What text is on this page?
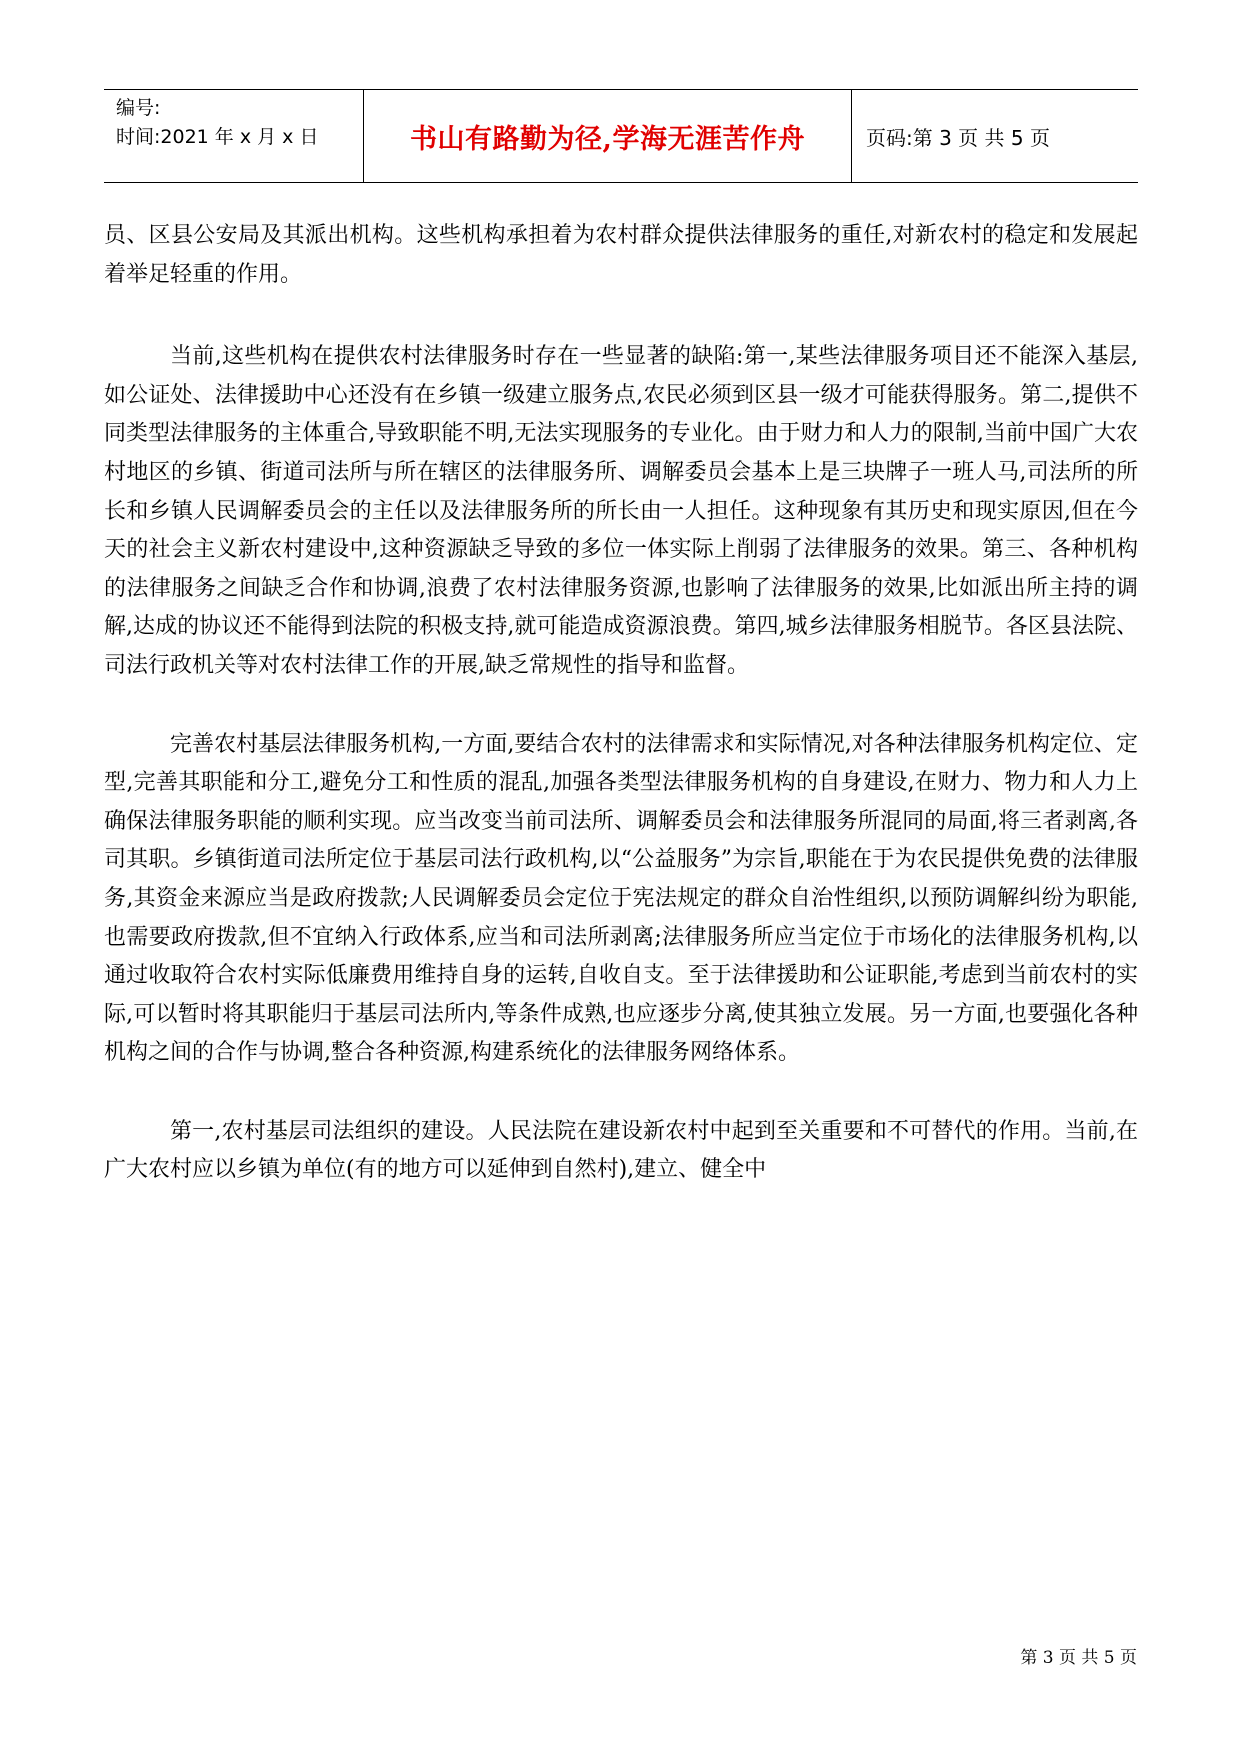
编号:
时间:2021 年 x 月 x 日	书山有路勤为径,学海无涯苦作舟	页码:第 3 页 共 5 页

员、区县公安局及其派出机构。这些机构承担着为农村群众提供法律服务的重任,对新农村的稳定和发展起着举足轻重的作用。

当前,这些机构在提供农村法律服务时存在一些显著的缺陷:第一,某些法律服务项目还不能深入基层,如公证处、法律援助中心还没有在乡镇一级建立服务点,农民必须到区县一级才可能获得服务。第二,提供不同类型法律服务的主体重合,导致职能不明,无法实现服务的专业化。由于财力和人力的限制,当前中国广大农村地区的乡镇、街道司法所与所在辖区的法律服务所、调解委员会基本上是三块牌子一班人马,司法所的所长和乡镇人民调解委员会的主任以及法律服务所的所长由一人担任。这种现象有其历史和现实原因,但在今天的社会主义新农村建设中,这种资源缺乏导致的多位一体实际上削弱了法律服务的效果。第三、各种机构的法律服务之间缺乏合作和协调,浪费了农村法律服务资源,也影响了法律服务的效果,比如派出所主持的调解,达成的协议还不能得到法院的积极支持,就可能造成资源浪费。第四,城乡法律服务相脱节。各区县法院、司法行政机关等对农村法律工作的开展,缺乏常规性的指导和监督。

完善农村基层法律服务机构,一方面,要结合农村的法律需求和实际情况,对各种法律服务机构定位、定型,完善其职能和分工,避免分工和性质的混乱,加强各类型法律服务机构的自身建设,在财力、物力和人力上确保法律服务职能的顺利实现。应当改变当前司法所、调解委员会和法律服务所混同的局面,将三者剥离,各司其职。乡镇街道司法所定位于基层司法行政机构,以“公益服务”为宗旨,职能在于为农民提供免费的法律服务,其资金来源应当是政府拨款;人民调解委员会定位于宪法规定的群众自治性组织,以预防调解纠纷为职能,也需要政府拨款,但不宜纳入行政体系,应当和司法所剥离;法律服务所应当定位于市场化的法律服务机构,以通过收取符合农村实际低廉费用维持自身的运转,自收自支。至于法律援助和公证职能,考虑到当前农村的实际,可以暂时将其职能归于基层司法所内,等条件成熟,也应逐步分离,使其独立发展。另一方面,也要强化各种机构之间的合作与协调,整合各种资源,构建系统化的法律服务网络体系。

第一,农村基层司法组织的建设。人民法院在建设新农村中起到至关重要和不可替代的作用。当前,在广大农村应以乡镇为单位(有的地方可以延伸到自然村),建立、健全中

第 3 页 共 5 页
